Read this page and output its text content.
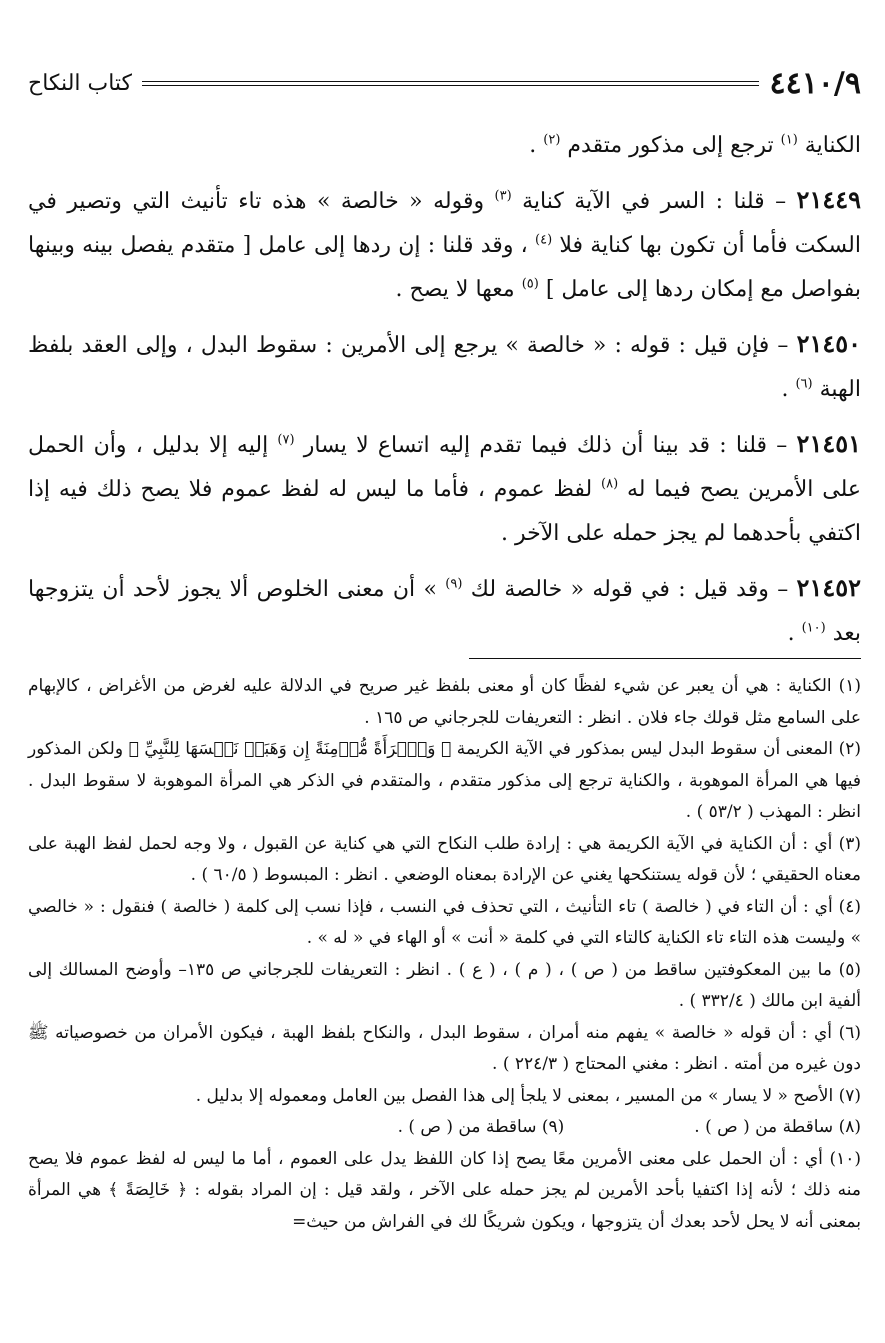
٤٤١٠/٩
كتاب النكاح

الكناية $^{(١)}$ ترجع إلى مذكور متقدم $^{(٢)}$ .

٢١٤٤٩ – قلنا : السر في الآية كناية $^{(٣)}$ وقوله « خالصة » هذه تاء تأنيث التي وتصير في السكت فأما أن تكون بها كناية فلا $^{(٤)}$ ، وقد قلنا : إن ردها إلى عامل [ متقدم يفصل بينه وبينها بفواصل مع إمكان ردها إلى عامل ] $^{(٥)}$ معها لا يصح .

٢١٤٥٠ – فإن قيل : قوله : « خالصة » يرجع إلى الأمرين : سقوط البدل ، وإلى العقد بلفظ الهبة $^{(٦)}$ .

٢١٤٥١ – قلنا : قد بينا أن ذلك فيما تقدم إليه اتساع لا يسار $^{(٧)}$ إليه إلا بدليل ، وأن الحمل على الأمرين يصح فيما له $^{(٨)}$ لفظ عموم ، فأما ما ليس له لفظ عموم فلا يصح ذلك فيه إذا اكتفي بأحدهما لم يجز حمله على الآخر .

٢١٤٥٢ – وقد قيل : في قوله « خالصة لك $^{(٩)}$ » أن معنى الخلوص ألا يجوز لأحد أن يتزوجها بعد $^{(١٠)}$ .

(١) الكناية : هي أن يعبر عن شيء لفظًا كان أو معنى بلفظ غير صريح في الدلالة عليه لغرض من الأغراض ، كالإبهام على السامع مثل قولك جاء فلان . انظر : التعريفات للجرجاني ص ١٦٥ .

(٢) المعنى أن سقوط البدل ليس بمذكور في الآية الكريمة ﴿ وَٱمۡرَأَةً مُّؤۡمِنَةً إِن وَهَبَتۡ نَفۡسَهَا لِلنَّبِيِّ ﴾ ولكن المذكور فيها هي المرأة الموهوبة ، والكناية ترجع إلى مذكور متقدم ، والمتقدم في الذكر هي المرأة الموهوبة لا سقوط البدل . انظر : المهذب ( ٥٣/٢ ) .

(٣) أي : أن الكناية في الآية الكريمة هي : إرادة طلب النكاح التي هي كناية عن القبول ، ولا وجه لحمل لفظ الهبة على معناه الحقيقي ؛ لأن قوله يستنكحها يغني عن الإرادة بمعناه الوضعي . انظر : المبسوط ( ٦٠/٥ ) .

(٤) أي : أن التاء في ( خالصة ) تاء التأنيث ، التي تحذف في النسب ، فإذا نسب إلى كلمة ( خالصة ) فنقول : « خالصي » وليست هذه التاء تاء الكناية كالتاء التي في كلمة « أنت » أو الهاء في « له » .

(٥) ما بين المعكوفتين ساقط من ( ص ) ، ( م ) ، ( ع ) . انظر : التعريفات للجرجاني ص ١٣٥– وأوضح المسالك إلى ألفية ابن مالك ( ٣٣٢/٤ ) .

(٦) أي : أن قوله « خالصة » يفهم منه أمران ، سقوط البدل ، والنكاح بلفظ الهبة ، فيكون الأمران من خصوصياته ﷺ دون غيره من أمته . انظر : مغني المحتاج ( ٢٢٤/٣ ) .

(٧) الأصح « لا يسار » من المسير ، بمعنى لا يلجأ إلى هذا الفصل بين العامل ومعموله إلا بدليل .

(٨) ساقطة من ( ص ) .
(٩) ساقطة من ( ص ) .

(١٠) أي : أن الحمل على معنى الأمرين معًا يصح إذا كان اللفظ يدل على العموم ، أما ما ليس له لفظ عموم فلا يصح منه ذلك ؛ لأنه إذا اكتفيا بأحد الأمرين لم يجز حمله على الآخر ، ولقد قيل : إن المراد بقوله : ﴿ خَالِصَةً ﴾ هي المرأة بمعنى أنه لا يحل لأحد بعدك أن يتزوجها ، ويكون شريكًا لك في الفراش من حيث=
